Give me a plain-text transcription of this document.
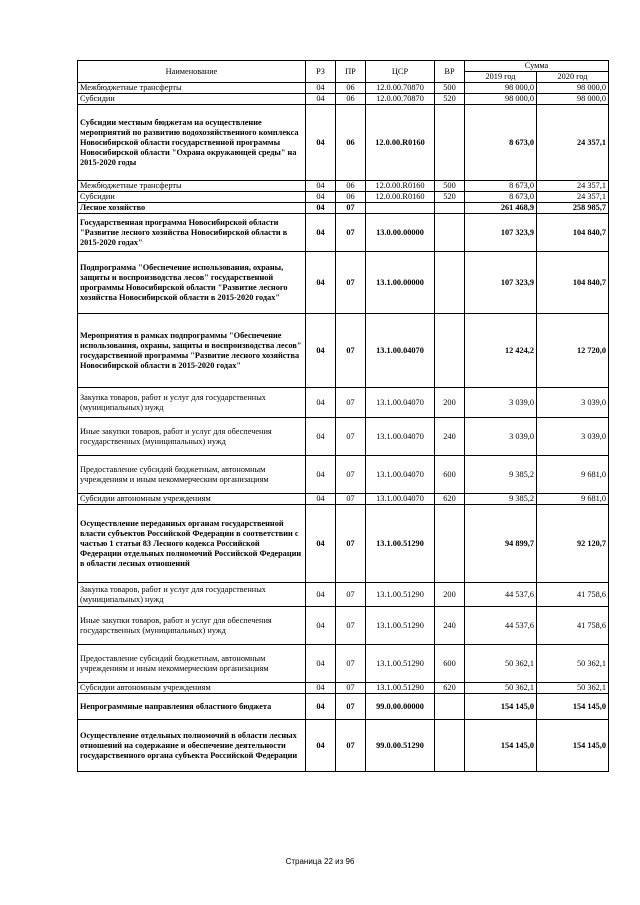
Наименование	РЗ	ПР	ЦСР	ВР	Сумма	
					2019 год	2020 год
Межбюджетные трансферты	04	06	12.0.00.70870	500	98 000,0	98 000,0
Субсидии	04	06	12.0.00.70870	520	98 000,0	98 000,0
Субсидии местным бюджетам на осуществление мероприятий по развитию водохозяйственного комплекса Новосибирской области государственной программы Новосибирской области "Охрана окружающей среды" на 2015-2020 годы	04	06	12.0.00.R0160		8 673,0	24 357,1
Межбюджетные трансферты	04	06	12.0.00.R0160	500	8 673,0	24 357,1
Субсидии	04	06	12.0.00.R0160	520	8 673,0	24 357,1
Лесное хозяйство	04	07			261 468,9	258 985,7
Государственная программа Новосибирской области "Развитие лесного хозяйства Новосибирской области в 2015-2020 годах"	04	07	13.0.00.00000		107 323,9	104 840,7
Подпрограмма "Обеспечение использования, охраны, защиты и воспроизводства лесов" государственной программы Новосибирской области "Развитие лесного хозяйства Новосибирской области в 2015-2020 годах"	04	07	13.1.00.00000		107 323,9	104 840,7
Мероприятия в рамках подпрограммы "Обеспечение использования, охраны, защиты и воспроизводства лесов" государственной программы "Развитие лесного хозяйства Новосибирской области в 2015-2020 годах"	04	07	13.1.00.04070		12 424,2	12 720,0
Закупка товаров, работ и услуг для государственных (муниципальных) нужд	04	07	13.1.00.04070	200	3 039,0	3 039,0
Иные закупки товаров, работ и услуг для обеспечения государственных (муниципальных) нужд	04	07	13.1.00.04070	240	3 039,0	3 039,0
Предоставление субсидий бюджетным, автономным учреждениям и иным некоммерческим организациям	04	07	13.1.00.04070	600	9 385,2	9 681,0
Субсидии автономным учреждениям	04	07	13.1.00.04070	620	9 385,2	9 681,0
Осуществление переданных органам государственной власти субъектов Российской Федерации в соответствии с частью 1 статьи 83 Лесного кодекса Российской Федерации отдельных полномочий Российской Федерации в области лесных отношений	04	07	13.1.00.51290		94 899,7	92 120,7
Закупка товаров, работ и услуг для государственных (муниципальных) нужд	04	07	13.1.00.51290	200	44 537,6	41 758,6
Иные закупки товаров, работ и услуг для обеспечения государственных (муниципальных) нужд	04	07	13.1.00.51290	240	44 537,6	41 758,6
Предоставление субсидий бюджетным, автономным учреждениям и иным некоммерческим организациям	04	07	13.1.00.51290	600	50 362,1	50 362,1
Субсидии автономным учреждениям	04	07	13.1.00.51290	620	50 362,1	50 362,1
Непрограммные направления областного бюджета	04	07	99.0.00.00000		154 145,0	154 145,0
Осуществление отдельных полномочий в области лесных отношений на содержание и обеспечение деятельности государственного органа субъекта Российской Федерации	04	07	99.0.00.51290		154 145,0	154 145,0
Страница 22 из 96
